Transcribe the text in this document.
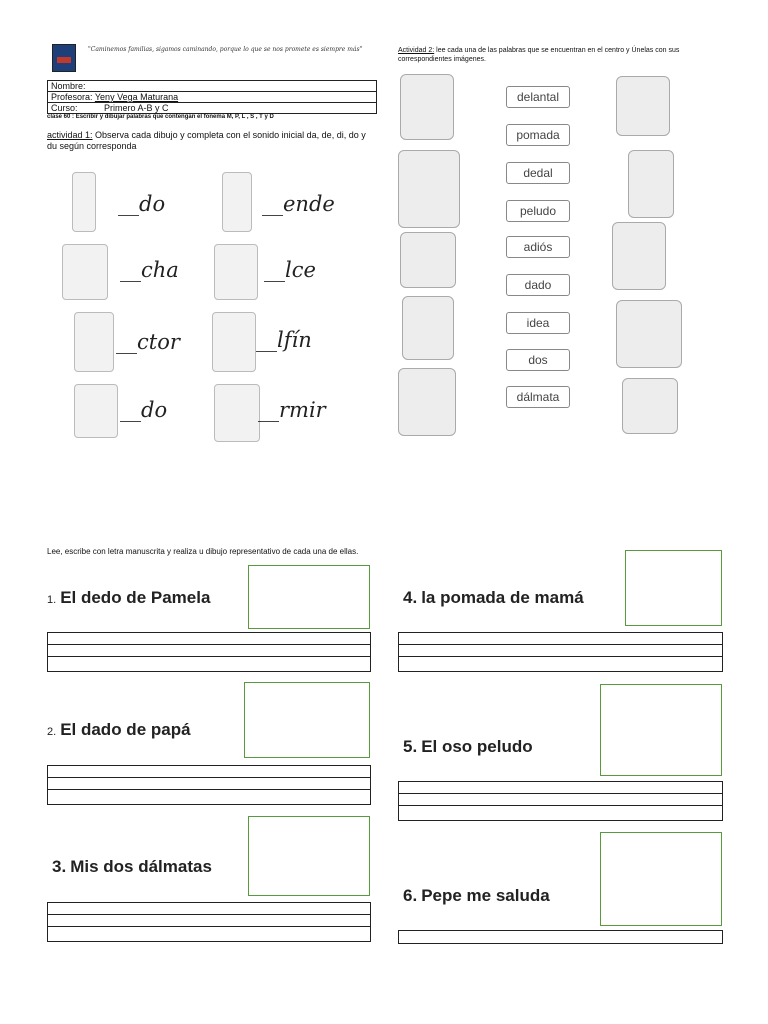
"Caminemos familias, sigamos caminando, porque lo que se nos promete es siempre más"
Nombre:
Profesora: Yeny Vega Maturana
Curso:	Primero A-B y C
clase 60 : Escribir y dibujar palabras que contengan el fonema M, P, L , S , T y D
actividad 1: Observa cada dibujo y completa con el sonido inicial da, de, di, do y du según corresponda
__do	__ende
__cha	__lce
__ctor	__lfín
__do	__rmir
Actividad 2: lee cada una de las palabras que se encuentran en el centro y Únelas con sus correspondientes imágenes.
delantal
pomada
dedal
peludo
adiós
dado
idea
dos
dálmata
Lee, escribe con letra manuscrita y realiza u dibujo representativo de cada una de ellas.
1. El dedo de Pamela
2. El dado de papá
3. Mis dos dálmatas
4. la pomada de mamá
5. El oso peludo
6. Pepe me saluda
